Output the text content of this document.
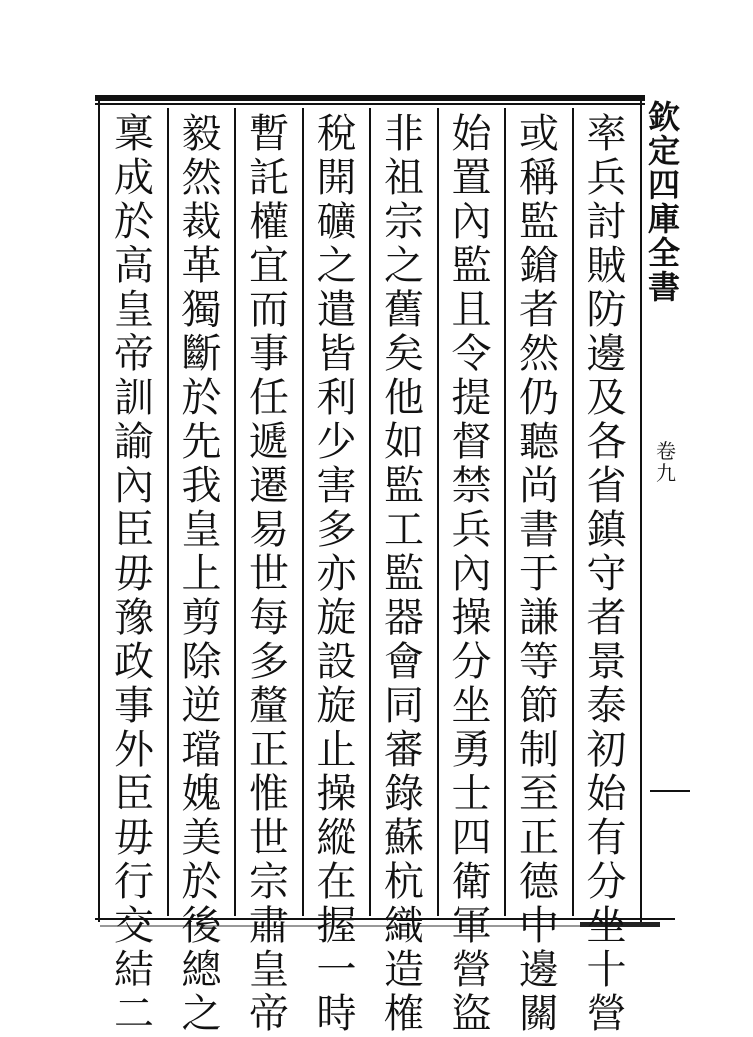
欽
定
四
庫
全
書
卷
九
率
兵
討
賊
防
邊
及
各
省
鎮
守
者
景
泰
初
始
有
分
坐
十
營
或
稱
監
鎗
者
然
仍
聽
尚
書
于
謙
等
節
制
至
正
德
中
邊
關
始
置
內
監
且
令
提
督
禁
兵
內
操
分
坐
勇
士
四
衛
軍
營
盜
非
祖
宗
之
舊
矣
他
如
監
工
監
器
會
同
審
錄
蘇
杭
織
造
榷
稅
開
礦
之
遣
皆
利
少
害
多
亦
旋
設
旋
止
操
縱
在
握
一
時
暫
託
權
宜
而
事
任
遞
遷
易
世
每
多
釐
正
惟
世
宗
肅
皇
帝
毅
然
裁
革
獨
斷
於
先
我
皇
上
剪
除
逆
璫
媿
美
於
後
總
之
稟
成
於
高
皇
帝
訓
諭
內
臣
毋
豫
政
事
外
臣
毋
行
交
結
二
